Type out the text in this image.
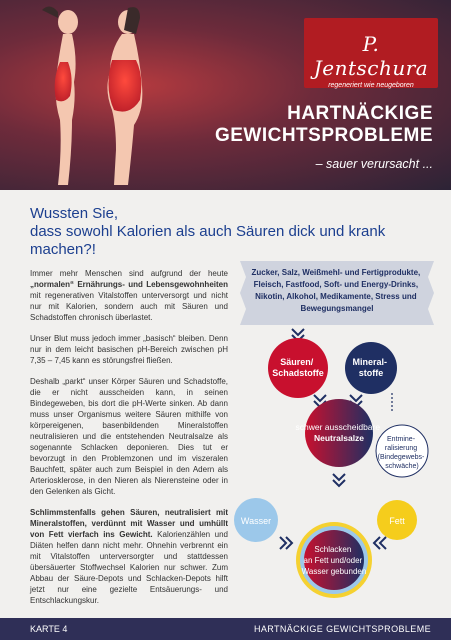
P. Jentschura
regeneriert wie neugeboren
HARTNÄCKIGE
GEWICHTSPROBLEME
– sauer verursacht ...
Wussten Sie,
dass sowohl Kalorien als auch Säuren dick und krank machen?!

Immer mehr Menschen sind aufgrund der heute „normalen“ Ernährungs- und Lebensgewohnheiten mit regenerativen Vitalstoffen unterversorgt und nicht nur mit Kalorien, sondern auch mit Säuren und Schadstoffen chronisch überlastet.

Unser Blut muss jedoch immer „basisch“ bleiben. Denn nur in dem leicht basischen pH-Bereich zwischen pH 7,35 – 7,45 kann es störungsfrei fließen.

Deshalb „parkt“ unser Körper Säuren und Schadstoffe, die er nicht ausscheiden kann, in seinen Bindegeweben, bis dort die pH-Werte sinken. Ab dann muss unser Organismus weitere Säuren mithilfe von körpereigenen, basenbildenden Mineralstoffen neutralisieren und die entstehenden Neutralsalze als sogenannte Schlacken deponieren. Dies tut er bevorzugt in den Problemzonen und im viszeralen Bauchfett, später auch zum Beispiel in den Adern als Arteriosklerose, in den Nieren als Nierensteine oder in den Gelenken als Gicht.

Schlimmstenfalls gehen Säuren, neutralisiert mit Mineralstoffen, verdünnt mit Wasser und umhüllt von Fett vierfach ins Gewicht. Kalorienzählen und Diäten helfen dann nicht mehr. Ohnehin verbrennt ein mit Vitalstoffen unterversorgter und stattdessen übersäuerter Stoffwechsel Kalorien nur schwer. Zum Abbau der Säure-Depots und Schlacken-Depots hilft jetzt nur eine gezielte Entsäuerungs- und Entschlackungskur.

Zucker, Salz, Weißmehl- und Fertigprodukte, Fleisch, Fastfood, Soft- und Energy-Drinks, Nikotin, Alkohol, Medikamente, Stress und Bewegungsmangel
Säuren/ Schadstoffe
Mineral- stoffe
schwer ausscheidbare Neutralsalze	Entmine- ralisierung (Bindegewebs- schwäche)
Wasser	Fett
Schlacken an Fett und/oder Wasser gebunden
KARTE 4	HARTNÄCKIGE GEWICHTSPROBLEME
